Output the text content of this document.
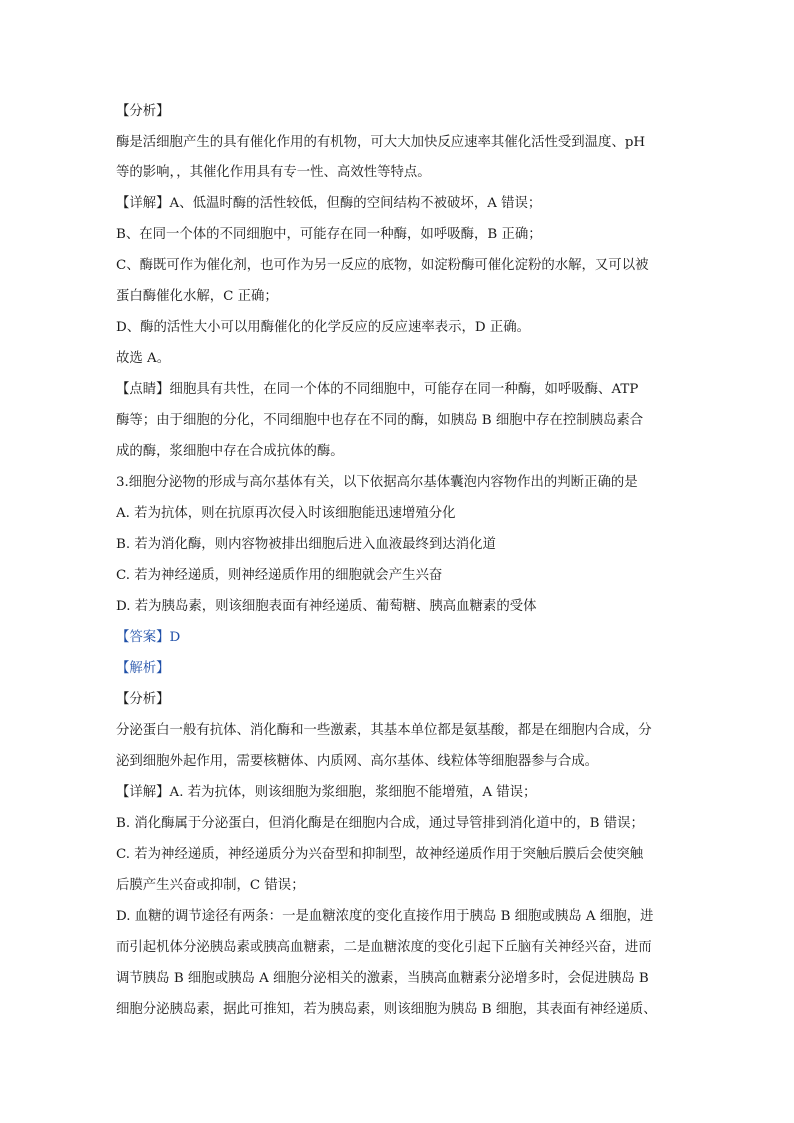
【分析】
酶是活细胞产生的具有催化作用的有机物，可大大加快反应速率其催化活性受到温度、pH
等的影响，，其催化作用具有专一性、高效性等特点。
【详解】A、低温时酶的活性较低，但酶的空间结构不被破坏，A 错误；
B、在同一个体的不同细胞中，可能存在同一种酶，如呼吸酶，B 正确；
C、酶既可作为催化剂，也可作为另一反应的底物，如淀粉酶可催化淀粉的水解，又可以被
蛋白酶催化水解，C 正确；
D、酶的活性大小可以用酶催化的化学反应的反应速率表示，D 正确。
故选 A。
【点睛】细胞具有共性，在同一个体的不同细胞中，可能存在同一种酶，如呼吸酶、ATP
酶等；由于细胞的分化，不同细胞中也存在不同的酶，如胰岛 B 细胞中存在控制胰岛素合
成的酶，浆细胞中存在合成抗体的酶。
3.细胞分泌物的形成与高尔基体有关，以下依据高尔基体囊泡内容物作出的判断正确的是
A. 若为抗体，则在抗原再次侵入时该细胞能迅速增殖分化
B. 若为消化酶，则内容物被排出细胞后进入血液最终到达消化道
C. 若为神经递质，则神经递质作用的细胞就会产生兴奋
D. 若为胰岛素，则该细胞表面有神经递质、葡萄糖、胰高血糖素的受体
【答案】D
【解析】
【分析】
分泌蛋白一般有抗体、消化酶和一些激素，其基本单位都是氨基酸，都是在细胞内合成，分
泌到细胞外起作用，需要核糖体、内质网、高尔基体、线粒体等细胞器参与合成。
【详解】A. 若为抗体，则该细胞为浆细胞，浆细胞不能增殖，A 错误；
B. 消化酶属于分泌蛋白，但消化酶是在细胞内合成，通过导管排到消化道中的，B 错误；
C. 若为神经递质，神经递质分为兴奋型和抑制型，故神经递质作用于突触后膜后会使突触
后膜产生兴奋或抑制，C 错误；
D. 血糖的调节途径有两条：一是血糖浓度的变化直接作用于胰岛 B 细胞或胰岛 A 细胞，进
而引起机体分泌胰岛素或胰高血糖素，二是血糖浓度的变化引起下丘脑有关神经兴奋，进而
调节胰岛 B 细胞或胰岛 A 细胞分泌相关的激素，当胰高血糖素分泌增多时，会促进胰岛 B
细胞分泌胰岛素，据此可推知，若为胰岛素，则该细胞为胰岛 B 细胞，其表面有神经递质、
